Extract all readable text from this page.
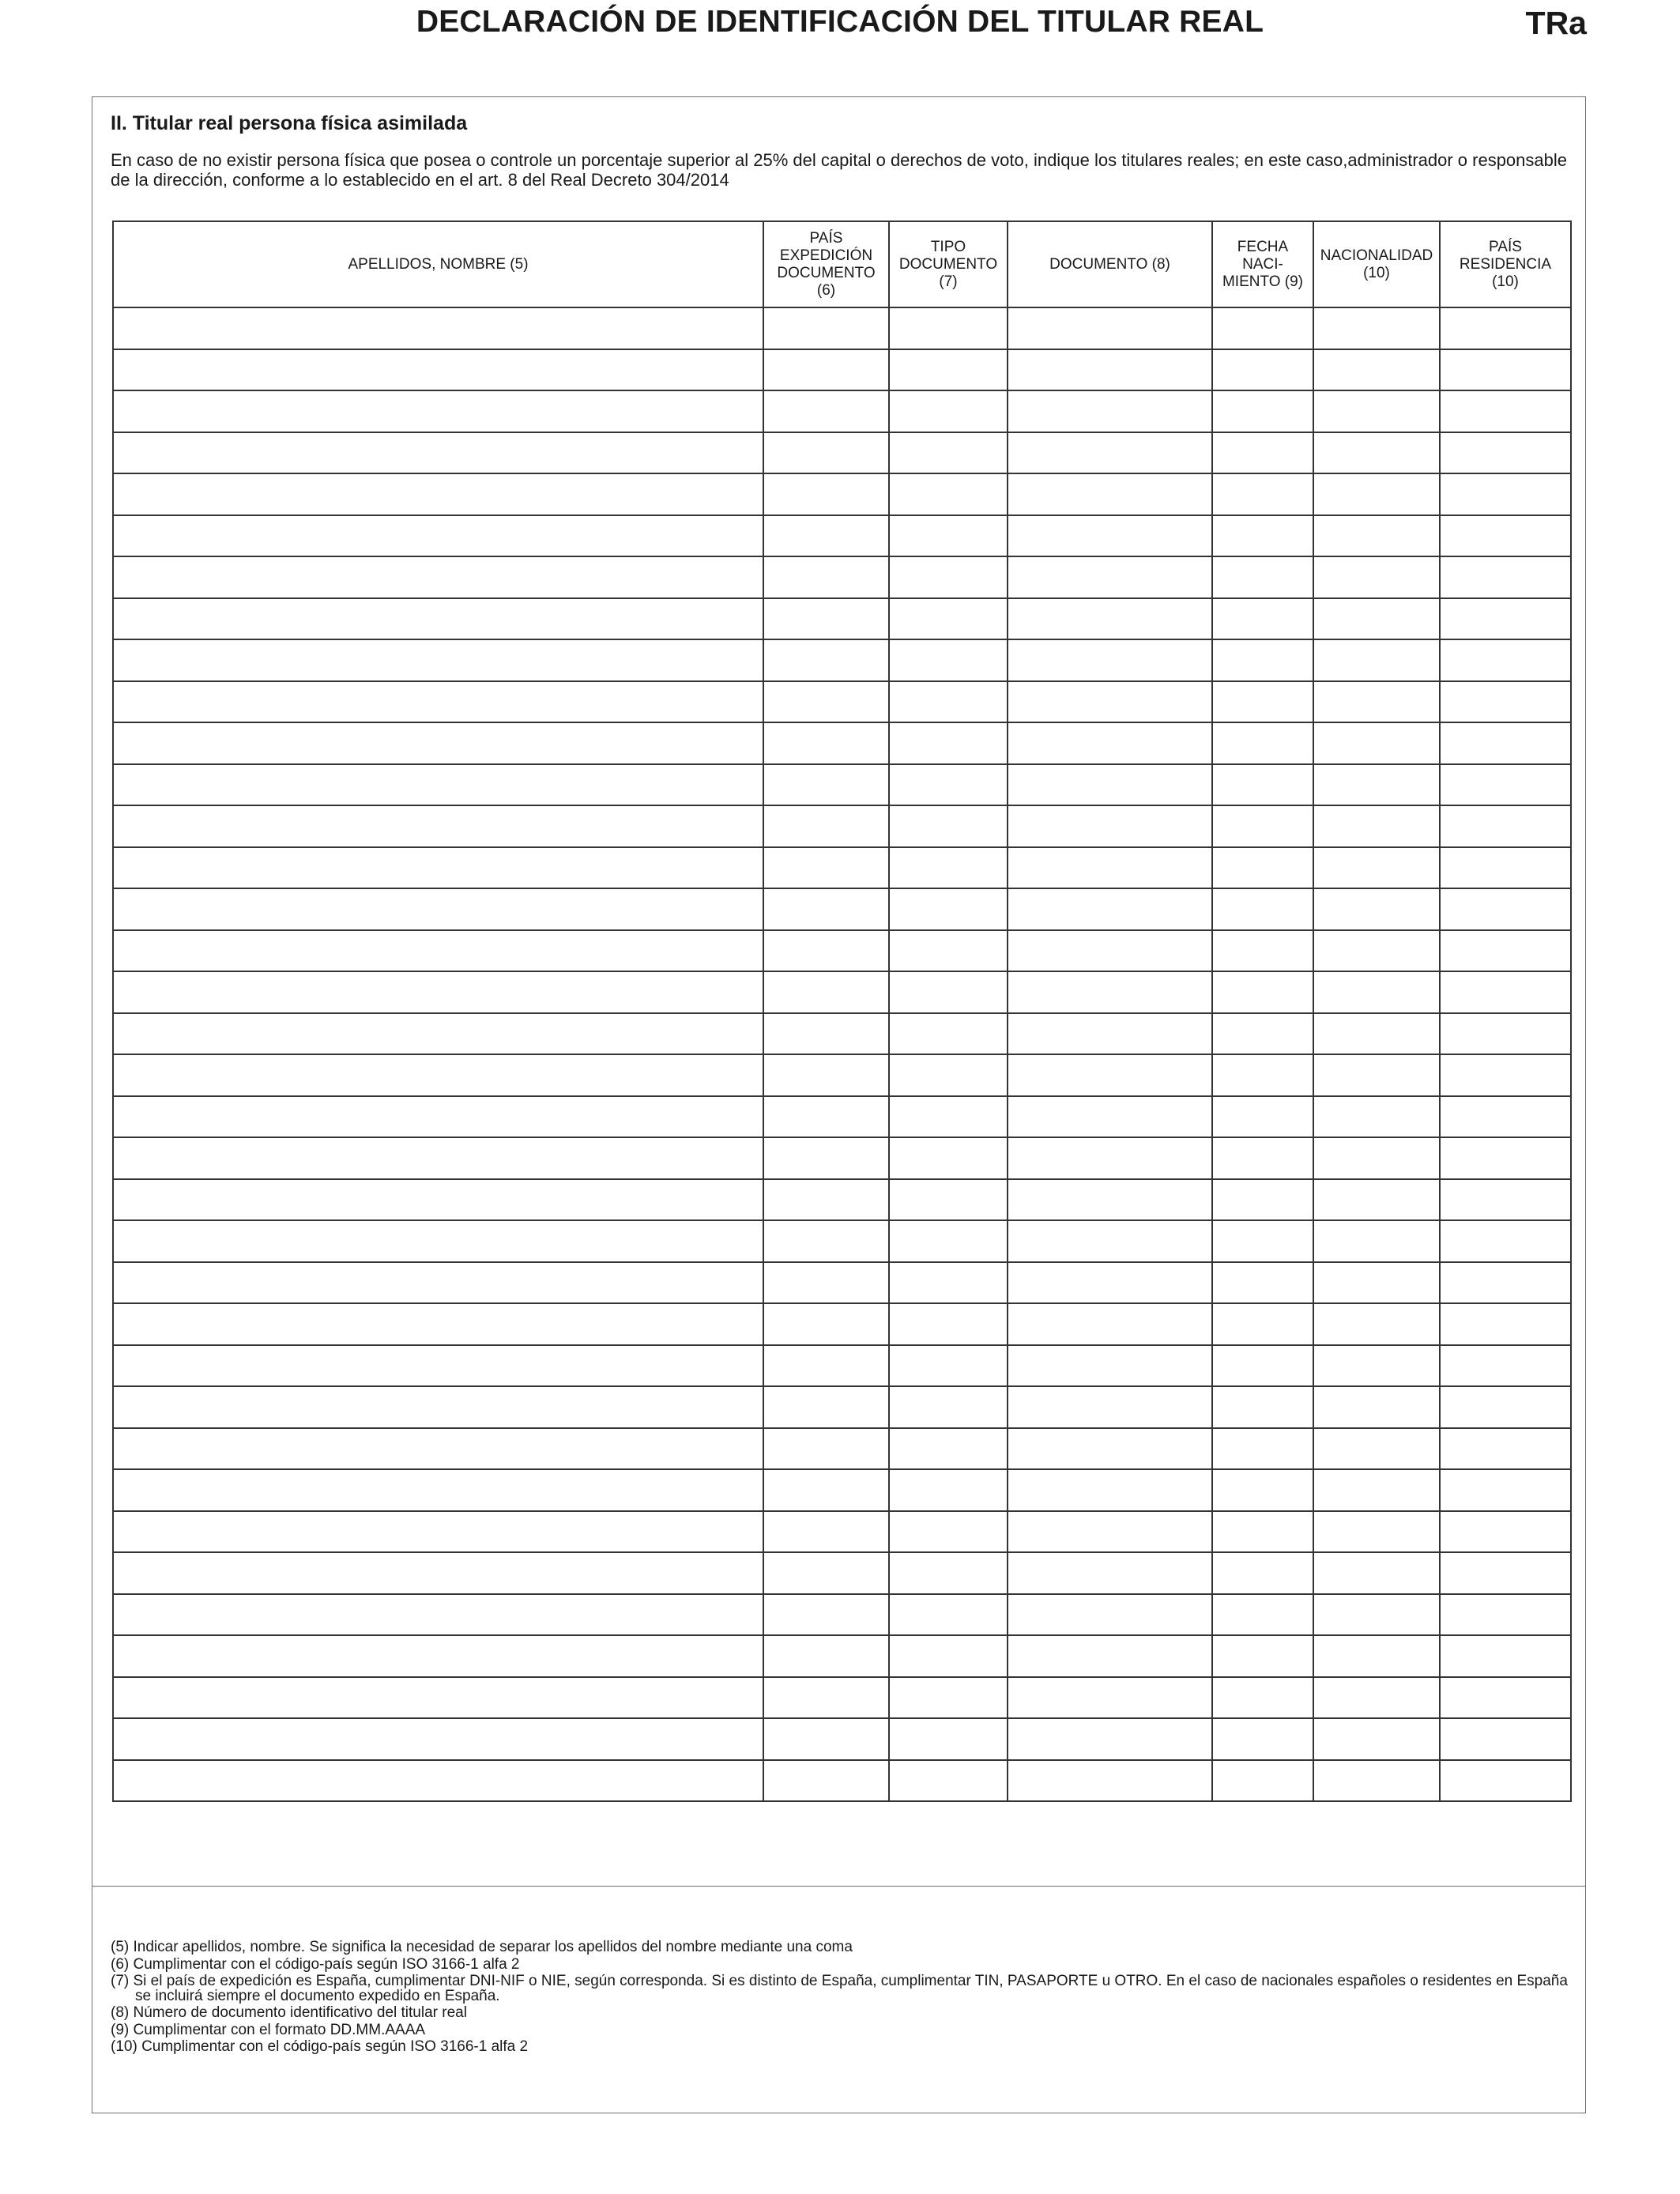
DECLARACIÓN DE IDENTIFICACIÓN DEL TITULAR REAL	TRa
II. Titular real persona física asimilada
En caso de no existir persona física que posea o controle un porcentaje superior al 25% del capital o derechos de voto, indique los titulares reales; en este caso,administrador o responsable de la dirección, conforme a lo establecido en el art. 8 del Real Decreto 304/2014
APELLIDOS, NOMBRE (5)	PAÍS
EXPEDICIÓN
DOCUMENTO
(6)	TIPO
DOCUMENTO
(7)	DOCUMENTO (8)	FECHA
NACI-
MIENTO (9)	NACIONALIDAD
(10)	PAÍS
RESIDENCIA
(10)

(5) Indicar apellidos, nombre. Se significa la necesidad de separar los apellidos del nombre mediante una coma

(6) Cumplimentar con el código-país según ISO 3166-1 alfa 2

(7) Si el país de expedición es España, cumplimentar DNI-NIF o NIE, según corresponda. Si es distinto de España, cumplimentar TIN, PASAPORTE u OTRO. En el caso de nacionales españoles o residentes en España se incluirá siempre el documento expedido en España.

(8) Número de documento identificativo del titular real

(9) Cumplimentar con el formato DD.MM.AAAA

(10) Cumplimentar con el código-país según ISO 3166-1 alfa 2
